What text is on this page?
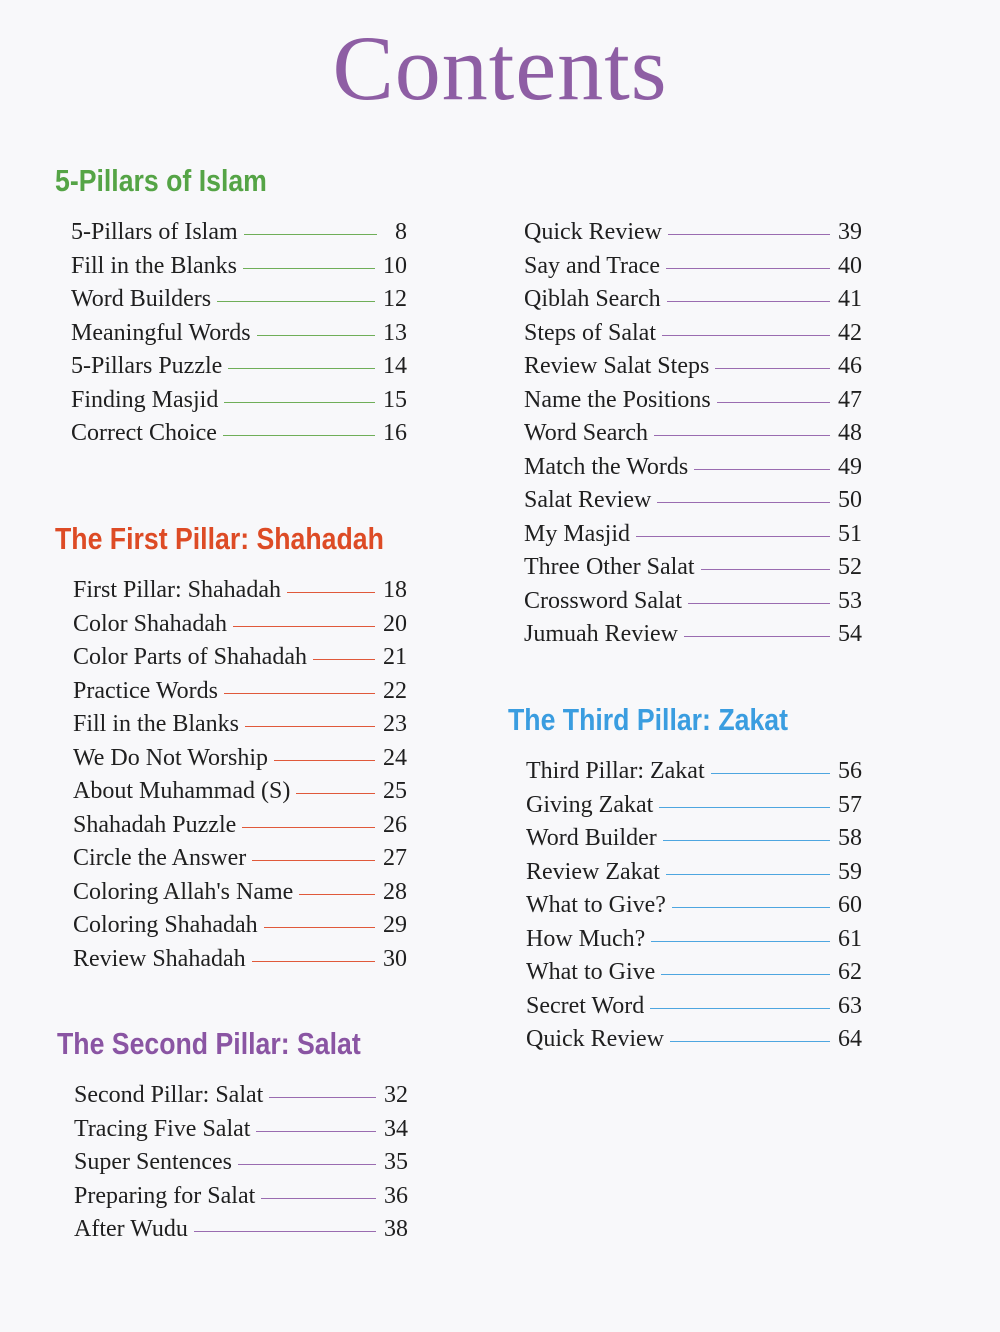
Contents
5-Pillars of Islam
5-Pillars of Islam	8
Fill in the Blanks	10
Word Builders	12
Meaningful Words	13
5-Pillars Puzzle	14
Finding Masjid	15
Correct Choice	16
The First Pillar: Shahadah
First Pillar: Shahadah	18
Color Shahadah	20
Color Parts of Shahadah	21
Practice Words	22
Fill in the Blanks	23
We Do Not Worship	24
About Muhammad (S)	25
Shahadah Puzzle	26
Circle the Answer	27
Coloring Allah's Name	28
Coloring Shahadah	29
Review Shahadah	30
The Second Pillar: Salat
Second Pillar: Salat	32
Tracing Five Salat	34
Super Sentences	35
Preparing for Salat	36
After Wudu	38
Quick Review	39
Say and Trace	40
Qiblah Search	41
Steps of Salat	42
Review Salat Steps	46
Name the Positions	47
Word Search	48
Match the Words	49
Salat Review	50
My Masjid	51
Three Other Salat	52
Crossword Salat	53
Jumuah Review	54
The Third Pillar: Zakat
Third Pillar: Zakat	56
Giving Zakat	57
Word Builder	58
Review Zakat	59
What to Give?	60
How Much?	61
What to Give	62
Secret Word	63
Quick Review	64
